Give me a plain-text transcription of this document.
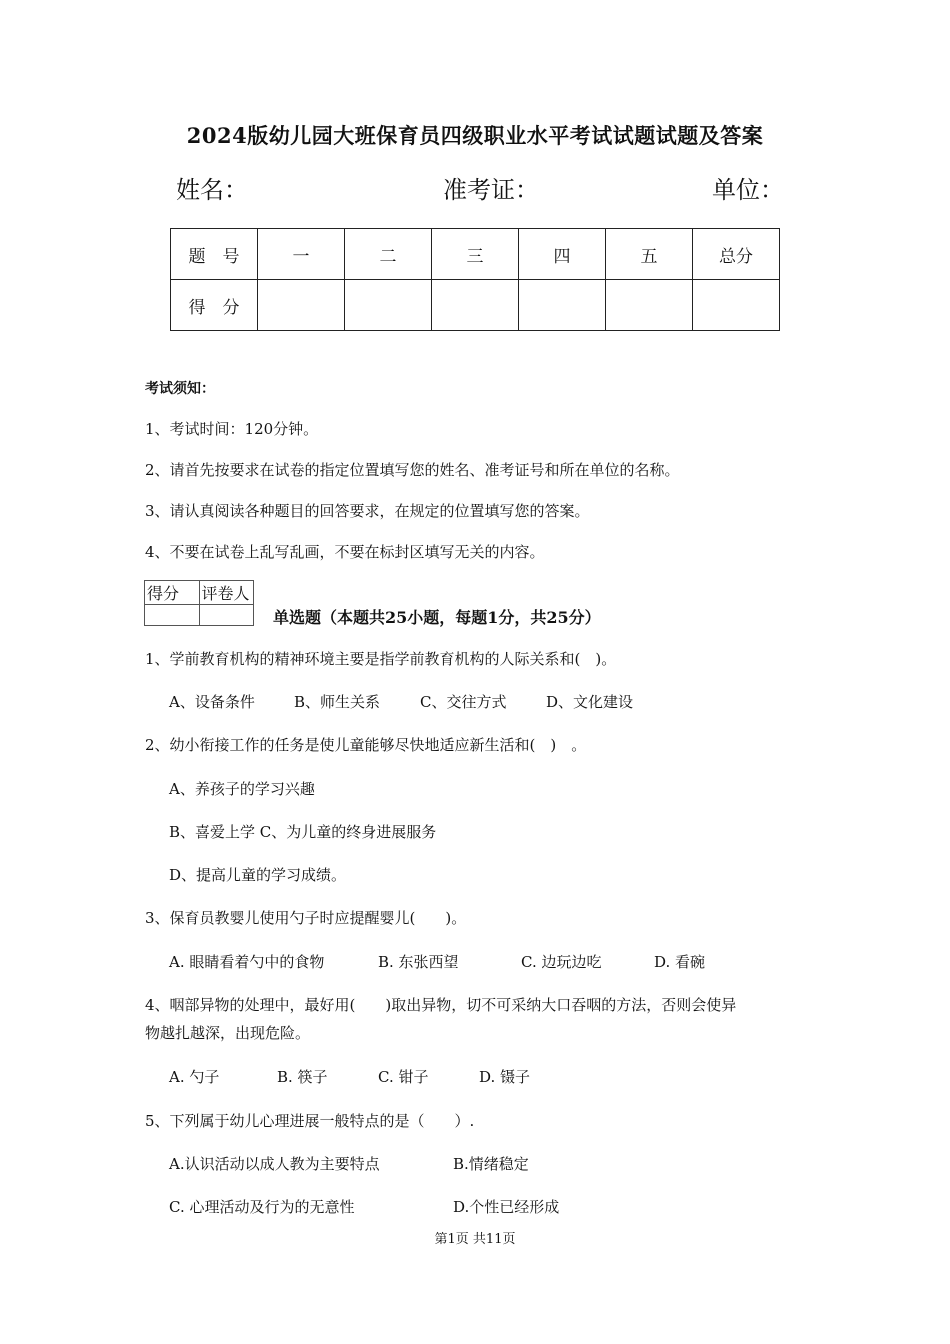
2024版幼儿园大班保育员四级职业水平考试试题试题及答案
姓名：	准考证：	单位：
题　号	一	二	三	四	五	总分
得　分						
考试须知：
1、考试时间：120分钟。
2、请首先按要求在试卷的指定位置填写您的姓名、准考证号和所在单位的名称。
3、请认真阅读各种题目的回答要求，在规定的位置填写您的答案。
4、不要在试卷上乱写乱画，不要在标封区填写无关的内容。
得分	评卷人

单选题（本题共25小题，每题1分，共25分）
1、学前教育机构的精神环境主要是指学前教育机构的人际关系和(　)。
A、设备条件	B、师生关系	C、交往方式	D、文化建设
2、幼小衔接工作的任务是使儿童能够尽快地适应新生活和(　)　。
A、养孩子的学习兴趣
B、喜爱上学 C、为儿童的终身进展服务
D、提高儿童的学习成绩。
3、保育员教婴儿使用勺子时应提醒婴儿(　　)。
A. 眼睛看着勺中的食物	B. 东张西望	C. 边玩边吃	D. 看碗
4、咽部异物的处理中，最好用(　　)取出异物，切不可采纳大口吞咽的方法，否则会使异
物越扎越深，出现危险。
A. 勺子	B. 筷子	C. 钳子	D. 镊子
5、下列属于幼儿心理进展一般特点的是（　　）.
A.认识活动以成人教为主要特点	B.情绪稳定
C. 心理活动及行为的无意性	D.个性已经形成
第1页 共11页
